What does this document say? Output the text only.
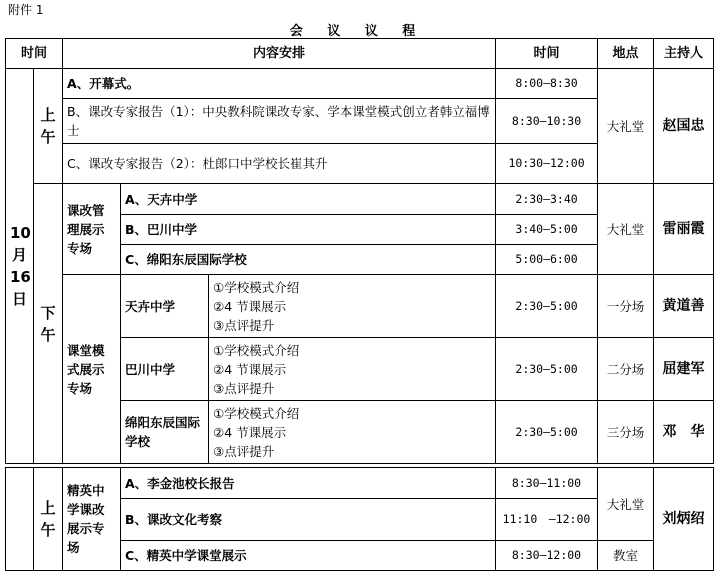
附件 1
会 议 议 程
时间		内容安排			时间	地点	主持人
10月16日	上午	A、开幕式。			8:00—8:30	大礼堂	赵国忠
		B、课改专家报告（1）：中央教科院课改专家、学本课堂模式创立者韩立福博士			8:30—10:30		
		C、课改专家报告（2）：杜郎口中学校长崔其升			10:30—12:00		
	下午	课改管理展示专场	A、天卉中学		2:30—3:40	大礼堂	雷丽霞
			B、巴川中学		3:40—5:00		
			C、绵阳东辰国际学校		5:00—6:00		
		课堂模式展示专场	天卉中学	①学校模式介绍
②4 节课展示
③点评提升	2:30—5:00	一分场	黄道善
			巴川中学	①学校模式介绍
②4 节课展示
③点评提升	2:30—5:00	二分场	屈建军
			绵阳东辰国际学校	①学校模式介绍
②4 节课展示
③点评提升	2:30—5:00	三分场	邓　华
	上午	精英中学课改展示专场	A、李金池校长报告	8:30—11:00	大礼堂	刘炳绍
			B、课改文化考察	11:10　—12:00		
			C、精英中学课堂展示	8:30—12:00	教室	
